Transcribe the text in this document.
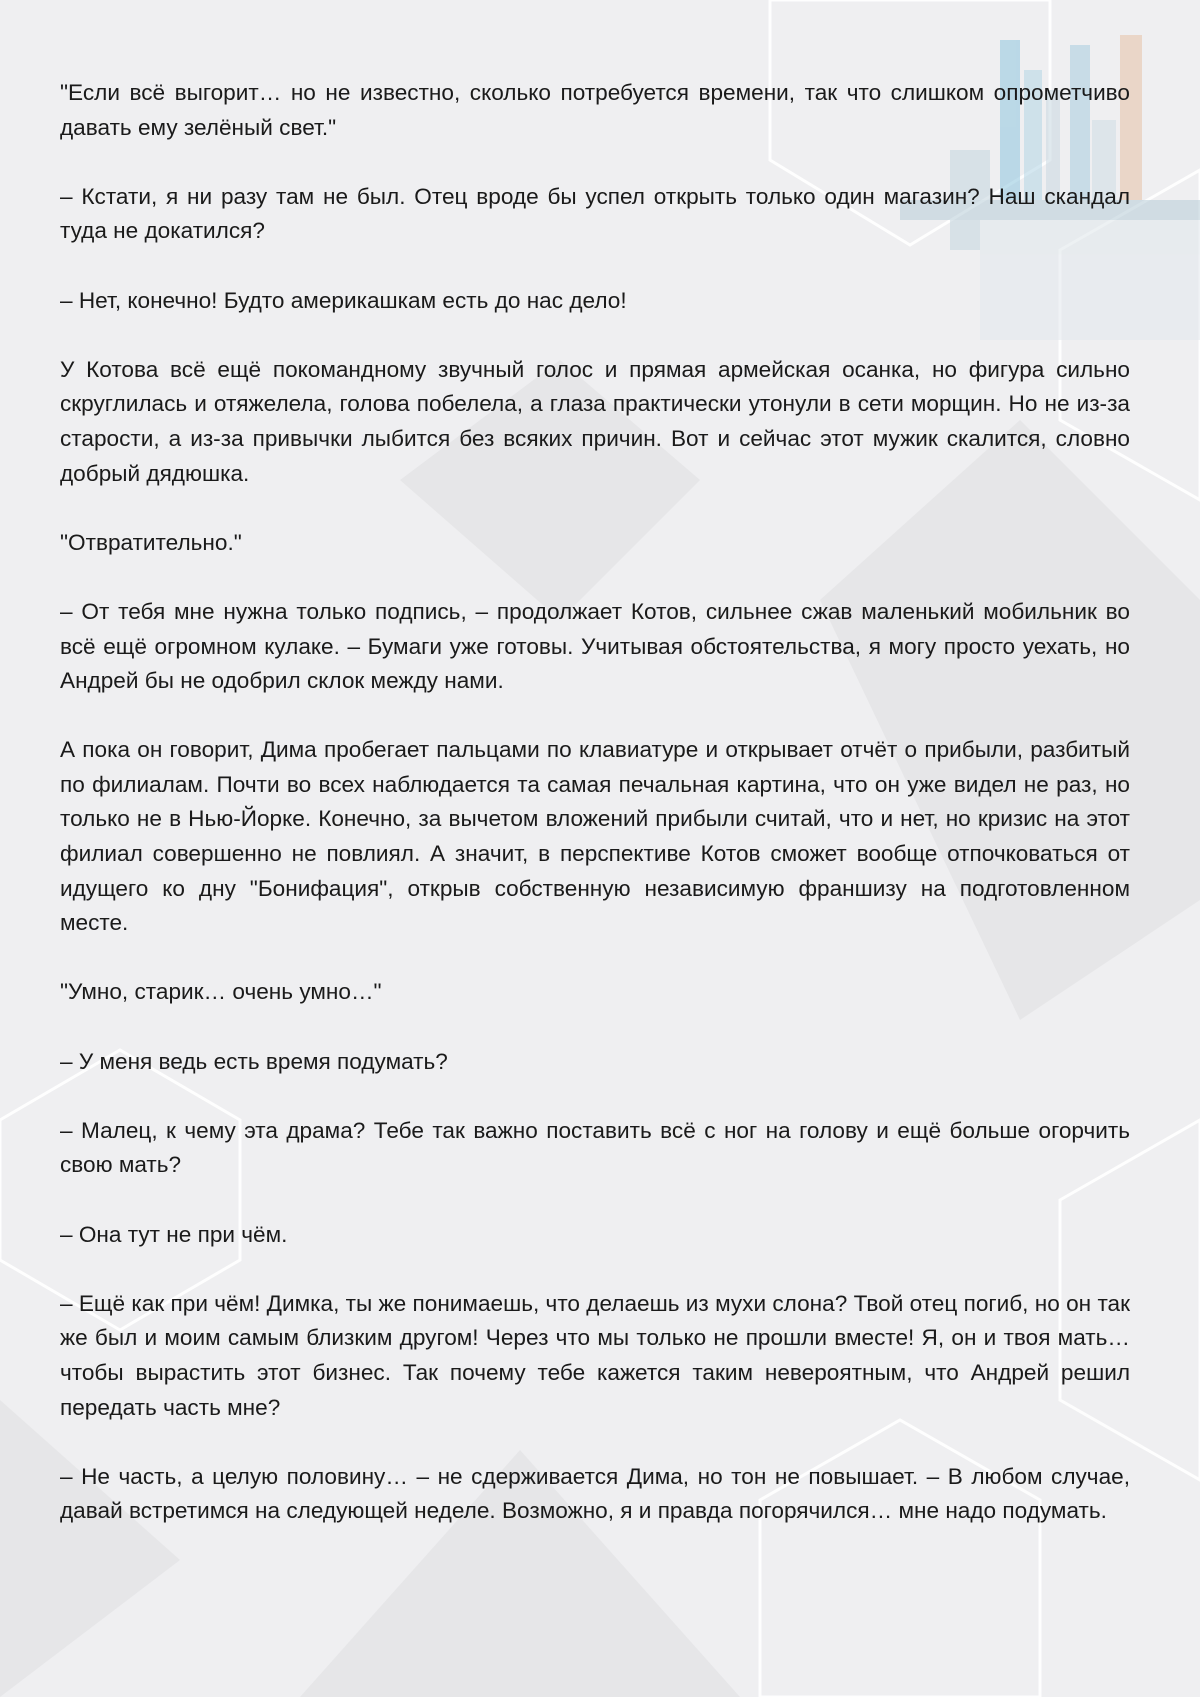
"Если всё выгорит… но не известно, сколько потребуется времени, так что слишком опрометчиво давать ему зелёный свет."

– Кстати, я ни разу там не был. Отец вроде бы успел открыть только один магазин? Наш скандал туда не докатился?

– Нет, конечно! Будто америкашкам есть до нас дело!

У Котова всё ещё покомандному звучный голос и прямая армейская осанка, но фигура сильно скруглилась и отяжелела, голова побелела, а глаза практически утонули в сети морщин. Но не из-за старости, а из-за привычки лыбится без всяких причин. Вот и сейчас этот мужик скалится, словно добрый дядюшка.

"Отвратительно."

– От тебя мне нужна только подпись, – продолжает Котов, сильнее сжав маленький мобильник во всё ещё огромном кулаке. – Бумаги уже готовы. Учитывая обстоятельства, я могу просто уехать, но Андрей бы не одобрил склок между нами.

А пока он говорит, Дима пробегает пальцами по клавиатуре и открывает отчёт о прибыли, разбитый по филиалам. Почти во всех наблюдается та самая печальная картина, что он уже видел не раз, но только не в Нью-Йорке. Конечно, за вычетом вложений прибыли считай, что и нет, но кризис на этот филиал совершенно не повлиял. А значит, в перспективе Котов сможет вообще отпочковаться от идущего ко дну "Бонифация", открыв собственную независимую франшизу на подготовленном месте.

"Умно, старик… очень умно…"

– У меня ведь есть время подумать?

– Малец, к чему эта драма? Тебе так важно поставить всё с ног на голову и ещё больше огорчить свою мать?

– Она тут не при чём.

– Ещё как при чём! Димка, ты же понимаешь, что делаешь из мухи слона? Твой отец погиб, но он так же был и моим самым близким другом! Через что мы только не прошли вместе! Я, он и твоя мать… чтобы вырастить этот бизнес. Так почему тебе кажется таким невероятным, что Андрей решил передать часть мне?

– Не часть, а целую половину… – не сдерживается Дима, но тон не повышает. – В любом случае, давай встретимся на следующей неделе. Возможно, я и правда погорячился… мне надо подумать.
